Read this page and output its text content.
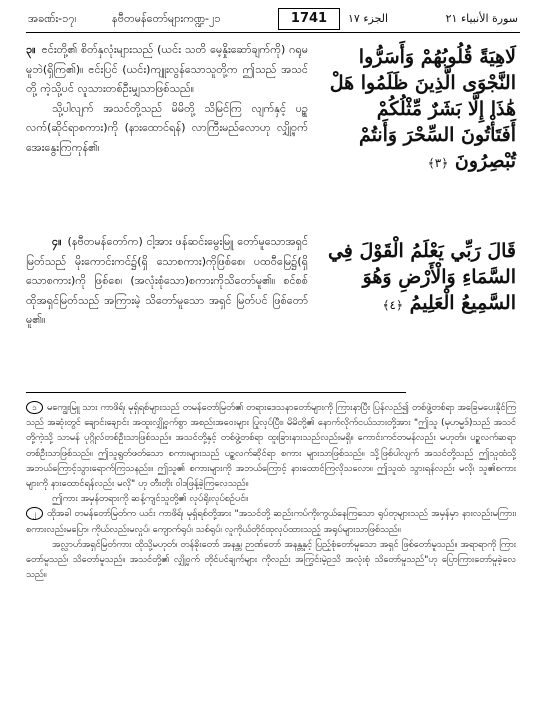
အခဏ်း-၁၇၊	နဗီတမန်တော်များကဏ္ဍ-၂၁	1741	الجزء ١٧	سورة الأنبياء ٢١

၃။ ၔင်းတို့၏ စိတ်နှလုံးများသည် (ယင်း သတိ မေ့နှိုးဆော်ချက်ကို) ဂရုမမူဘဲ(ရှိကြ၏)။ ၔင်းပြင် (ယင်း)ကျူးလွန်သောသူတို့က ဤသည် အသင်တို့ ကဲ့သို့ပင် လူသားတစ်ဦးမျှသာဖြစ်သည်။

သို့ပါလျက် အသင်တို့သည် မိမိတို့ သိမြင်ကြ လျက်နှင့် ပဥ္စလက်(ဆိုင်ရာစကား)ကို (နားထောင်ရန်) လာကြီးမည်လောဟု လျှို့ဝှက်အေးနွေးကြကုန်၏၊

لَاهِيَةً قُلُوبُهُمْ وَأَسَرُّوا النَّجْوَى الَّذِينَ ظَلَمُوا هَلْ هَٰذَا إِلَّا بَشَرٌ مِّثْلُكُمْ أَفَتَأْتُونَ السِّحْرَ وَأَنتُمْ تُبْصِرُونَ ﴿٣﴾

၄။ (နဗီတမန်တော်က) ငါ့အား ဖန်ဆင်းမွေးမြူ တော်မူသောအရှင်မြတ်သည် မိုးကောင်းကင်၌(ရှိ သောစကား)ကိုဖြစ်စေ၊ ပထဝီမြေ၌(ရှိသောစကား)ကို ဖြစ်စေ၊ (အလုံးစုံသော)စကားကိုသိတော်မူ၏။ စင်စစ် ထိုအရှင်မြတ်သည် အကြားမဲ့ သိတော်မူသော အရှင် မြတ်ပင် ဖြစ်တော်မူ၏။

قَالَ رَبِّي يَعْلَمُ الْقَوْلَ فِي السَّمَاءِ وَالْأَرْضِ وَهُوَ السَّمِيعُ الْعَلِيمُ ﴿٤﴾

၁ မကျွေးမြူ သား ကာဖိရ်၊ မုရှ်ရစ်များသည် တမန်တော်မြတ်၏ တရားဒေသနာတော်များကို ကြားနာပြီး ပြန်လည်၍ တစ်ဖွဲ့တစ်ရာ အခြေမပေးနိုင်ကြသည် အဆုံးတွင် ချောင်းချောင်း အထူးလျှို့ဝှက်စွာ အစည်းအဝေးများ ပြုလုပ်ပြီး၊ မိမိတို့၏ နောက်လိုက်ငယ်သားတို့အား "ဤသူ (မုဟမ္မဒ်)သည် အသင်တို့ကဲ့သို့ သာမန် ပုဂ္ဂိုလ်တစ်ဦးသာဖြစ်သည်။ အသင်တို့နှင့် တစ်ဖွဲ့တစ်ရာ ထူးခြားနားသည်လည်းမရှိ။ ကောင်းကင်တမန်လည်း မဟုတ်။ ပဥ္စလက်ဆရာ တစ်ဦးသာဖြစ်သည်။ ဤသူရွတ်ဖတ်သော စကားများသည် ပဥ္စလက်ဆိုင်ရာ စကား များသာဖြစ်သည်။ သို့ဖြစ်ပါလျက် အသင်တို့သည် ဤသူထံသို့ အဘယ်ကြောင့်သွားရောက်ကြသနည်း။ ဤသူ၏ စကားများကို အဘယ်ကြောင့် နားထောင်ကြလိုသလော။ ဤသူထံ သွားရန်လည်း မလို၊ သူ၏စကားများကို နားထောင်ရန်လည်း မလို" ဟု တီးတိုး ဝါဒဖြန့်ခဲ့ကြလေသည်။

ဤကား အမှန်တရားကို ဆန့်ကျင်သူတို့၏ လုပ်ရိုးလုပ်စဉ်ပင်။

၂ ထိုအခါ တမန်တော်မြတ်က ယင်း ကာဖိရ်၊ မုရှ်ရစ်တို့အား "အသင်တို့ ဆည်းကပ်ကိုးကွယ်နေကြသော ရုပ်တုများသည် အမှန်မှာ နားလည်းမကြား၊ စကားလည်းမပြော၊ ကိုယ်လည်းမလှုပ်၊ ကျောက်ရုပ်၊ သစ်ရုပ်၊ လူကိုယ်တိုင်ထုလုပ်ထားသည့် အရုပ်များသာဖြစ်သည်။

အလ္လာဟ်အရှင်မြတ်ကား ထိုသို့မဟုတ်၊ တန်ခိုးတော် အနန္တ၊ ဉာဏ်တော် အနန္တနှင့် ပြည့်စုံတော်မူသော အရှင် ဖြစ်တော်မူသည်။ အရာရာကို ကြားတော်မူသည်၊ သိတော်မူသည်။ အသင်တို့၏ လျှို့ဝှက် တိုင်ပင်ချက်များ ကိုလည်း အကြွင်းမဲ့ဉသိ အလုံးစုံ သိတော်မူသည်"ဟု ပြောကြားတော်မူခဲ့လေသည်။
